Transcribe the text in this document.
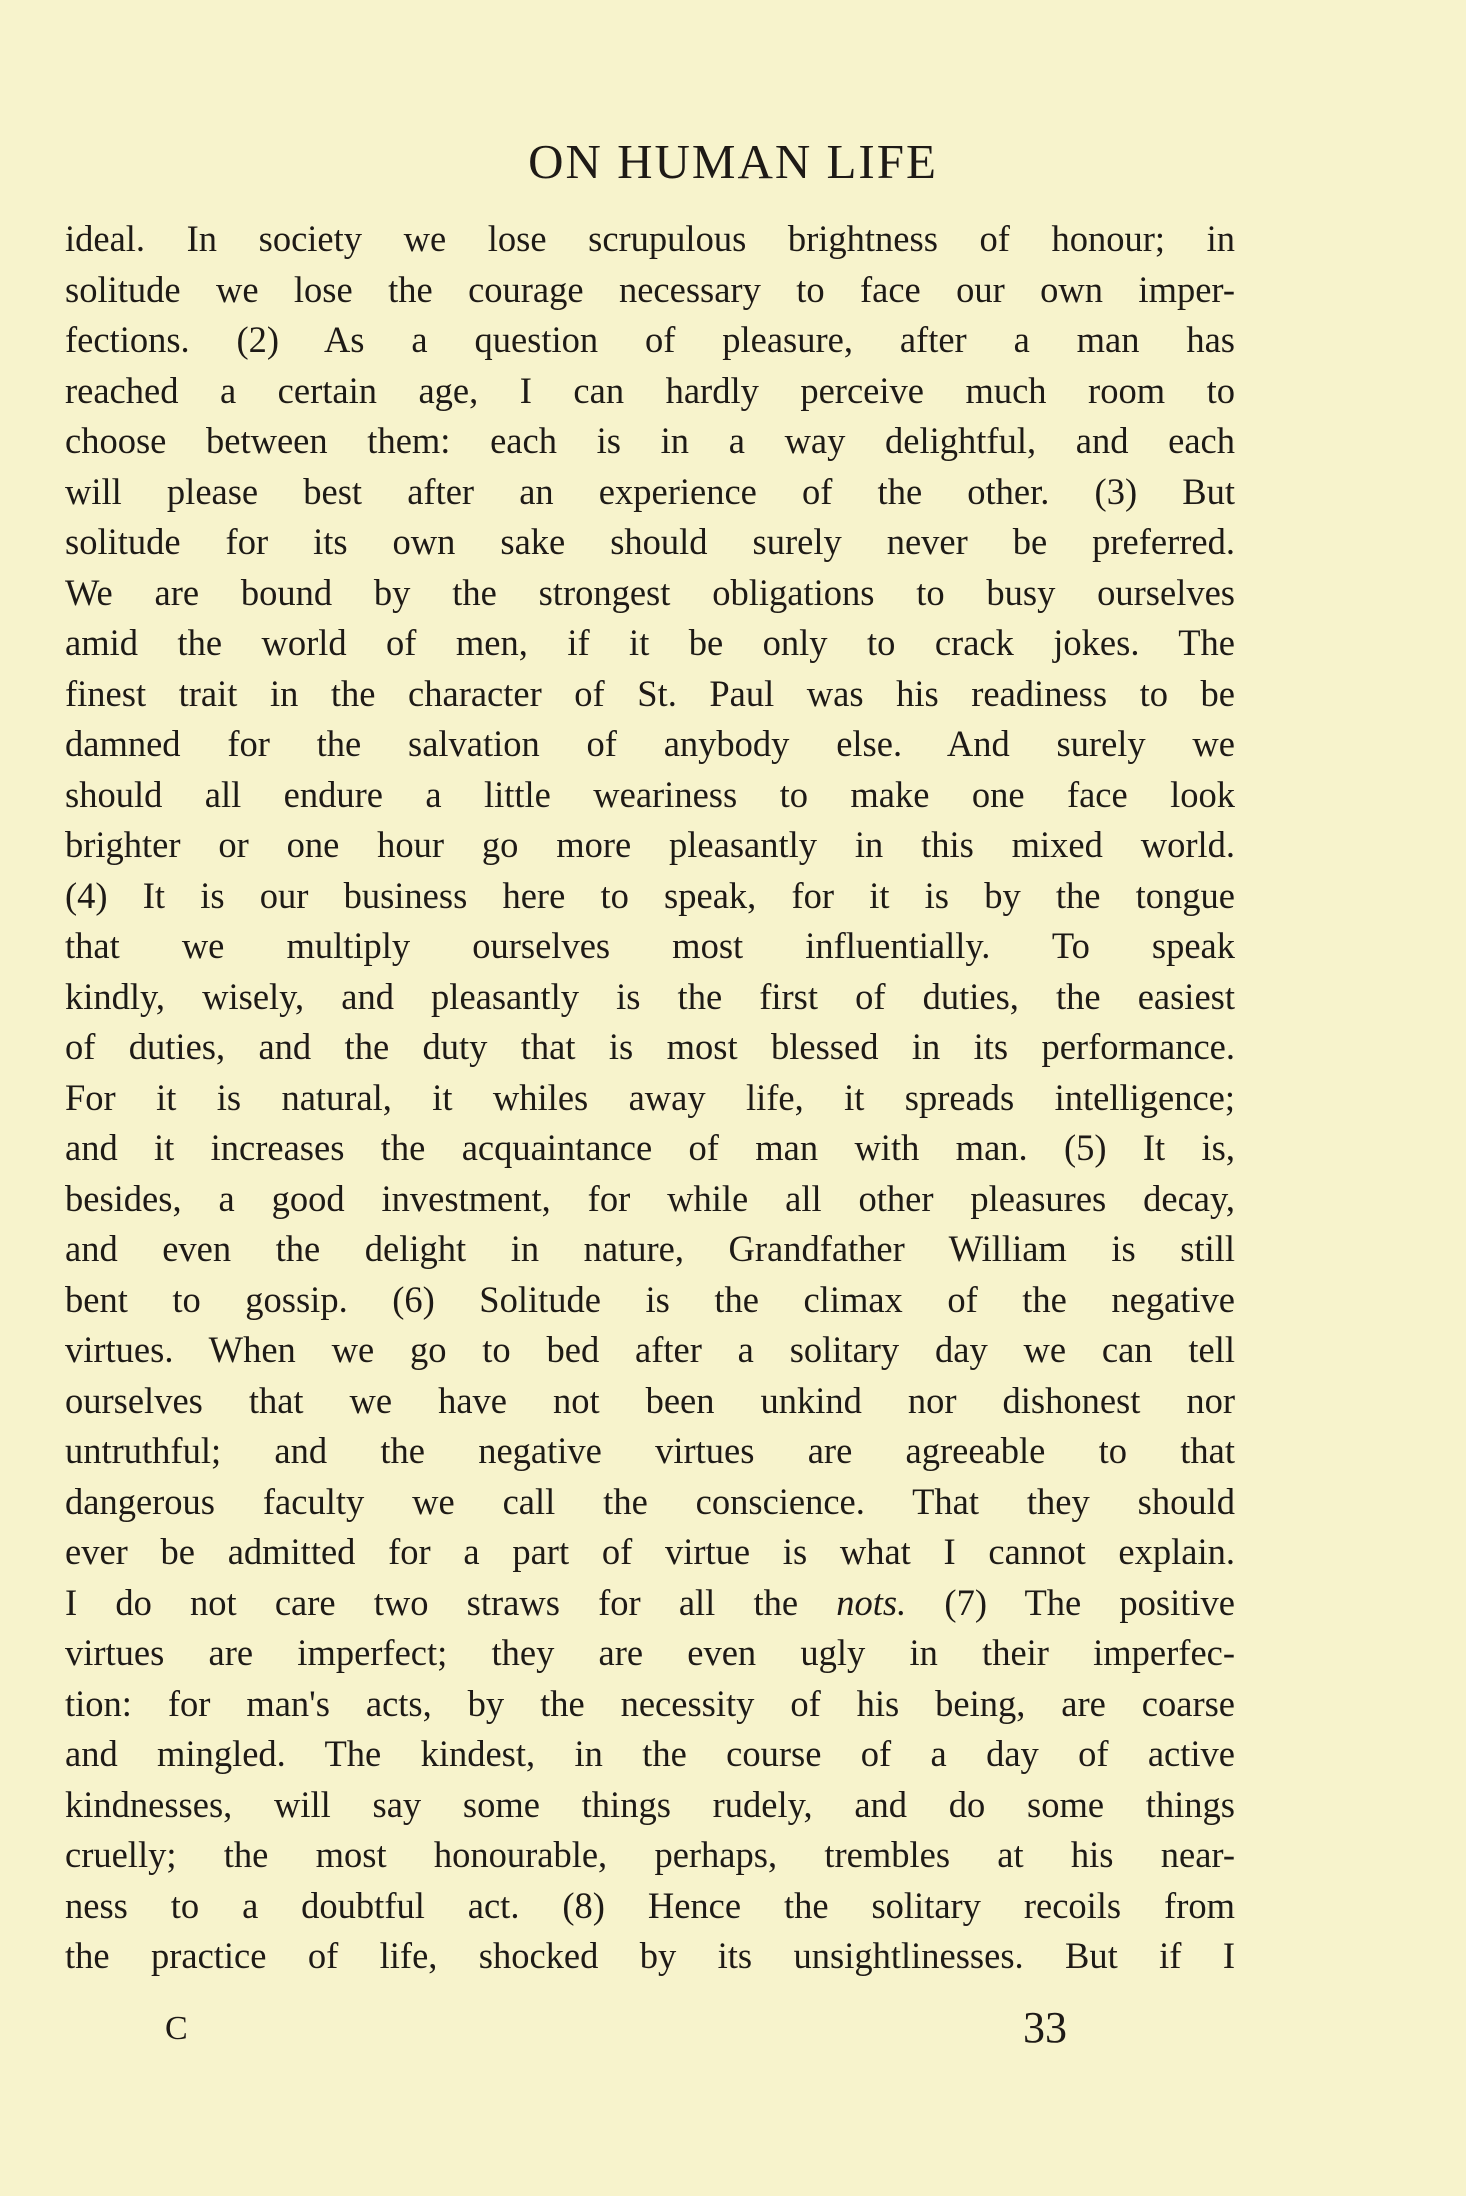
ON HUMAN LIFE
ideal. In society we lose scrupulous brightness of honour; in
solitude we lose the courage necessary to face our own imper-
fections. (2) As a question of pleasure, after a man has
reached a certain age, I can hardly perceive much room to
choose between them: each is in a way delightful, and each
will please best after an experience of the other. (3) But
solitude for its own sake should surely never be preferred.
We are bound by the strongest obligations to busy ourselves
amid the world of men, if it be only to crack jokes. The
finest trait in the character of St. Paul was his readiness to be
damned for the salvation of anybody else. And surely we
should all endure a little weariness to make one face look
brighter or one hour go more pleasantly in this mixed world.
(4) It is our business here to speak, for it is by the tongue
that we multiply ourselves most influentially. To speak
kindly, wisely, and pleasantly is the first of duties, the easiest
of duties, and the duty that is most blessed in its performance.
For it is natural, it whiles away life, it spreads intelligence;
and it increases the acquaintance of man with man. (5) It is,
besides, a good investment, for while all other pleasures decay,
and even the delight in nature, Grandfather William is still
bent to gossip. (6) Solitude is the climax of the negative
virtues. When we go to bed after a solitary day we can tell
ourselves that we have not been unkind nor dishonest nor
untruthful; and the negative virtues are agreeable to that
dangerous faculty we call the conscience. That they should
ever be admitted for a part of virtue is what I cannot explain.
I do not care two straws for all the nots. (7) The positive
virtues are imperfect; they are even ugly in their imperfec-
tion: for man's acts, by the necessity of his being, are coarse
and mingled. The kindest, in the course of a day of active
kindnesses, will say some things rudely, and do some things
cruelly; the most honourable, perhaps, trembles at his near-
ness to a doubtful act. (8) Hence the solitary recoils from
the practice of life, shocked by its unsightlinesses. But if I
C	33
